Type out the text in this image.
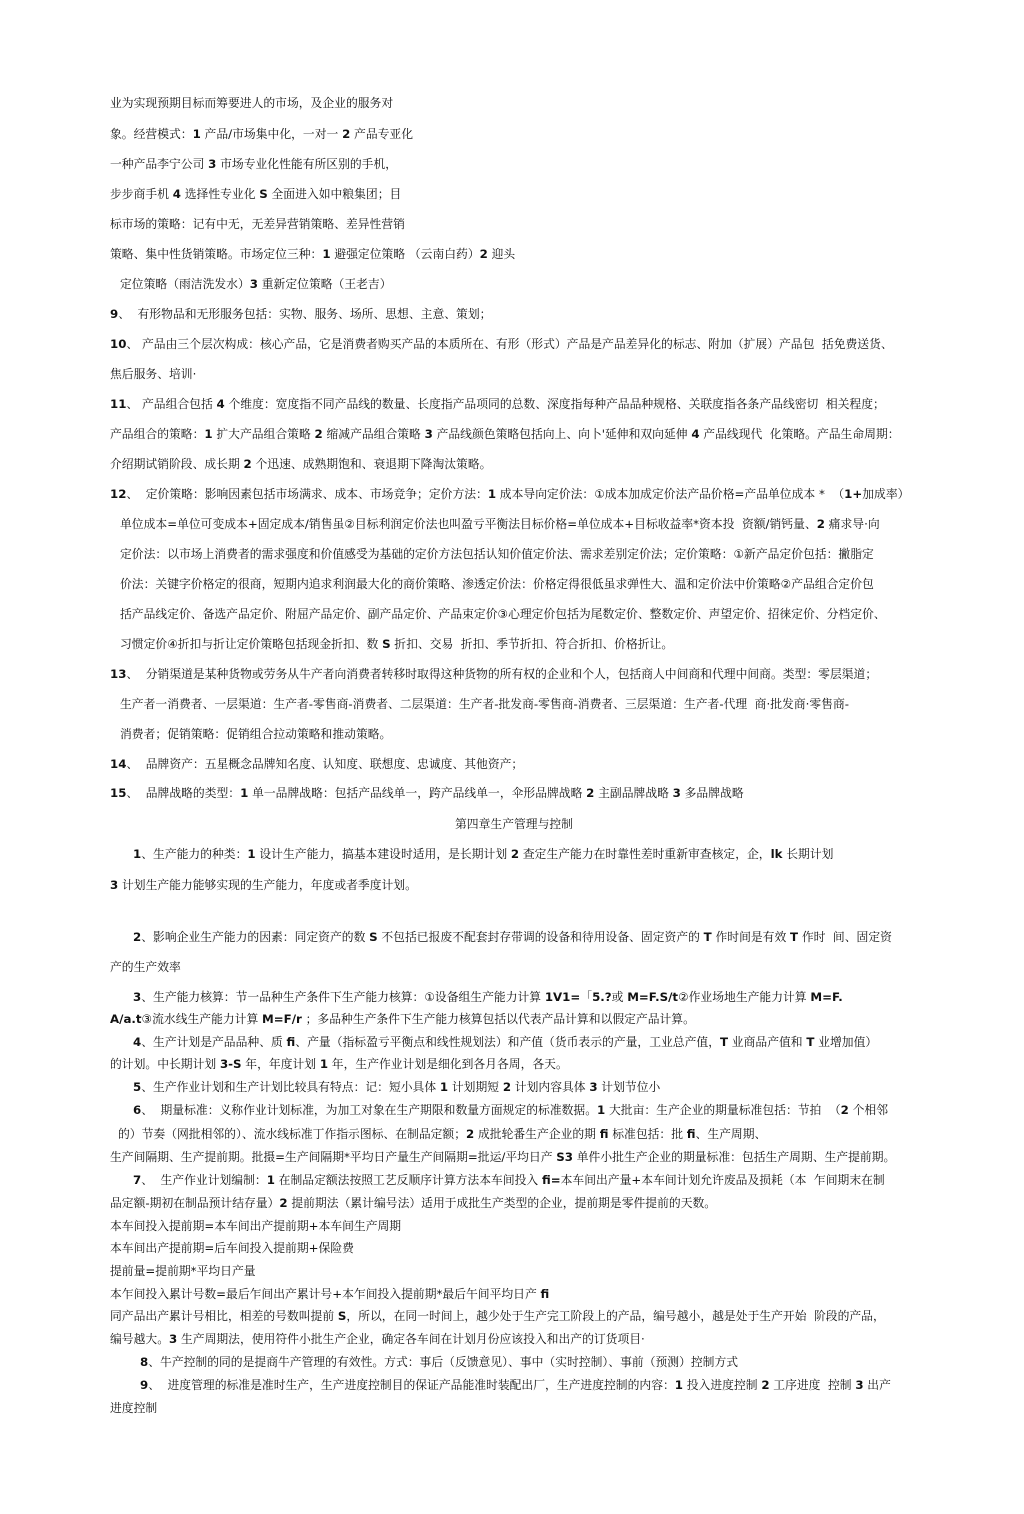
业为实现预期目标而筹要进人的市场，及企业的服务对
象。经营模式：1 产品/市场集中化，一对一 2 产品专亚化
一种产品李宁公司 3 市场专业化性能有所区别的手机，
步步商手机 4 选择性专业化 S 全面进入如中粮集团；目
标市场的策略：记有中无，无差异营销策略、差异性营销
策略、集中性货销策略。市场定位三种：1 避强定位策略 （云南白药）2 迎头
定位策略（雨洁洗发水）3 重新定位策略（王老吉）
9、  有形物品和无形服务包括：实物、服务、场所、思想、主意、策划；
10、 产品由三个层次构成：核心产品，它是消费者购买产品的本质所在、有形（形式）产品是产品差异化的标志、附加（扩展）产品包  括免费送货、
焦后服务、培训·
11、 产品组合包括 4 个维度：宽度指不同产品线的数量、长度指产品项同的总数、深度指每种产品品种规格、关联度指各条产品线密切  相关程度；
产品组合的策略：1 扩大产品组合策略 2 缩减产品组合策略 3 产品线颜色策略包括向上、向卜'延伸和双向延伸 4 产品线现代  化策略。产品生命周期：
介绍期试销阶段、成长期 2 个迅速、成熟期饱和、衰退期下降淘汰策略。
12、  定价策略：影响因素包括市场满求、成本、市场竞争；定价方法：1 成本导向定价法：①成本加成定价法产品价格=产品单位成本 *  （1+加成率）
单位成本=单位可变成本+固定成本/销售虽②目标利润定价法也叫盈亏平衡法目标价格=单位成本+目标收益率*资本投  资额/销钙量、2 痛求导·向
定价法：以市场上消费者的需求强度和价值感受为基础的定价方法包括认知价值定价法、需求差别定价法；定价策略：①新产品定价包括：撇脂定
价法：关键字价格定的很商，短期内追求利润最大化的商价策略、渗透定价法：价格定得很低虽求弹性大、温和定价法中价策略②产品组合定价包
括产品线定价、备选产品定价、附屈产品定价、副产品定价、产品束定价③心理定价包括为尾数定价、整数定价、声望定价、招徕定价、分档定价、
习惯定价④折扣与折让定价策略包括现金折扣、数 S 折扣、交易  折扣、季节折扣、符合折扣、价格折让。
13、  分销渠道是某种货物或劳务从牛产者向消费者转移时取得这种货物的所有权的企业和个人，包括商人中间商和代理中间商。类型：零层渠道；
生产者一消费者、一层渠道：生产者-零售商-消费者、二层渠道：生产者-批发商-零售商-消费者、三层渠道：生产者-代理  商·批发商·零售商-
消费者；促销策略：促销组合拉动策略和推动策略。
14、  品牌资产：五星概念品牌知名度、认知度、联想度、忠诚度、其他资产；
15、  品牌战略的类型：1 单一品牌战略：包括产品线单一，跨产品线单一，伞形品牌战略 2 主副品牌战略 3 多品牌战略
第四章生产管理与控制
1、生产能力的种类：1 设计生产能力，搞基本建设时适用，是长期计划 2 查定生产能力在时靠性差时重新审查核定，企，lk 长期计划
3 计划生产能力能够实现的生产能力，年度或者季度计划。
2、影响企业生产能力的因素：同定资产的数 S 不包括已报废不配套封存带调的设备和待用设备、固定资产的 T 作时间是有效 T 作时  间、固定资
产的生产效率
3、生产能力核算：节一品种生产条件下生产能力核算：①设备组生产能力计算 1V1=「5.?或 M=F.S/t②作业场地生产能力计算 M=F.
A/a.t③流水线生产能力计算 M=F/r ；多品种生产条件下生产能力核算包括以代表产品计算和以假定产品计算。
4、生产计划是产品品种、质 fi、产量（指标盈亏平衡点和线性规划法）和产值（货币表示的产量，工业总产值，T 业商品产值和 T 业增加值）
的计划。中长期计划 3-S 年，年度计划 1 年，生产作业计划是细化到各月各周，各天。
5、生产作业计划和生产计划比较具有特点：记：短小具体 1 计划期短 2 计划内容具体 3 计划节位小
6、  期量标准：义称作业计划标准，为加工对象在生产期限和数量方面规定的标准数据。1 大批亩：生产企业的期量标准包括：节拍  （2 个相邻
的）节奏（网批相邻的）、流水线标准丁作指示图标、在制品定额；2 成批轮番生产企业的期 fi 标准包括：批 fi、生产周期、
生产间隔期、生产提前期。批摄=生产间隔期*平均日产量生产间隔期=批运/平均日产 S3 单件小批生产企业的期量标准：包括生产周期、生产提前期。
7、  生产作业计划编制：1 在制品定额法按照工艺反顺序计算方法本车间投入 fi=本车间出产量+本车间计划允许废品及损耗（本  乍间期末在制
品定额-期初在制品预计结存量）2 提前期法（累计编号法）适用于成批生产类型的企业，提前期是零件提前的天数。
本车间投入提前期=本车间出产提前期+本车间生产周期
本车间出产提前期=后车间投入提前期+保险费
提前量=提前期*平均日产量
本乍间投入累计号数=最后乍间出产累计号+本乍间投入提前期*最后午间平均日产 fi
同产品出产累计号相比，相差的号数叫提前 S，所以，在同一时间上，越少处于生产完工阶段上的产品，编号越小，越是处于生产开始  阶段的产品，
编号越大。3 生产周期法，使用符件小批生产企业，确定各车间在计划月份应该投入和出产的订货项目·
8、牛产控制的同的是提商牛产管理的有效性。方式：事后（反馈意见）、事中（实时控制）、事前（预测）控制方式
9、  进度管理的标准是准时生产，生产进度控制目的保证产品能准时装配出厂，生产进度控制的内容：1 投入进度控制 2 工序进度  控制 3 出产
进度控制
